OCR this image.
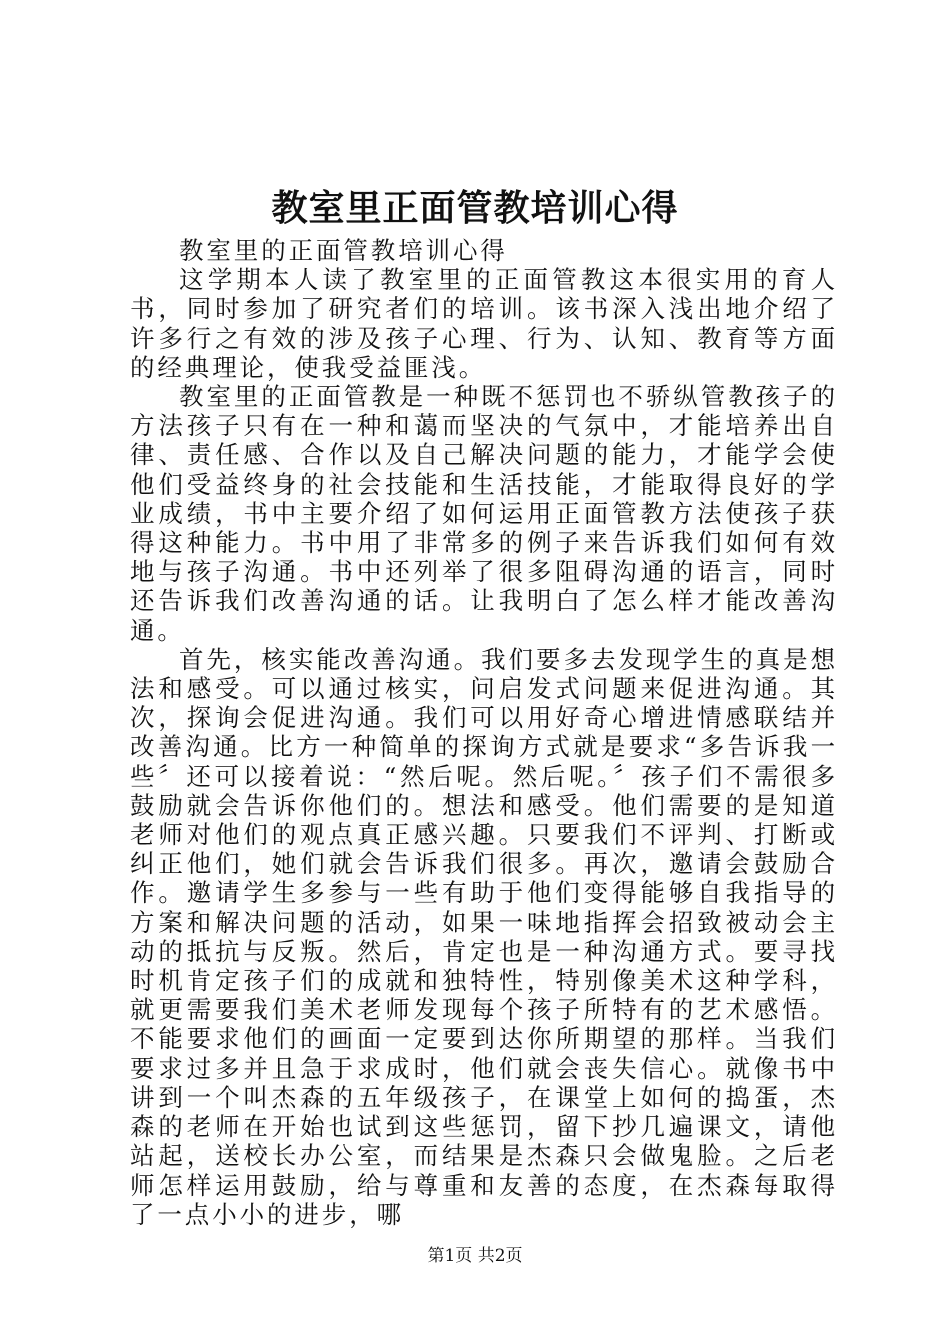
教室里正面管教培训心得

教室里的正面管教培训心得

这学期本人读了教室里的正面管教这本很实用的育人书，同时参加了研究者们的培训。该书深入浅出地介绍了许多行之有效的涉及孩子心理、行为、认知、教育等方面的经典理论，使我受益匪浅。

教室里的正面管教是一种既不惩罚也不骄纵管教孩子的方法孩子只有在一种和蔼而坚决的气氛中，才能培养出自律、责任感、合作以及自己解决问题的能力，才能学会使他们受益终身的社会技能和生活技能，才能取得良好的学业成绩，书中主要介绍了如何运用正面管教方法使孩子获得这种能力。书中用了非常多的例子来告诉我们如何有效地与孩子沟通。书中还列举了很多阻碍沟通的语言，同时还告诉我们改善沟通的话。让我明白了怎么样才能改善沟通。

首先，核实能改善沟通。我们要多去发现学生的真是想法和感受。可以通过核实，问启发式问题来促进沟通。其次，探询会促进沟通。我们可以用好奇心增进情感联结并改善沟通。比方一种简单的探询方式就是要求“多告诉我一些〞还可以接着说：“然后呢。然后呢。〞孩子们不需很多鼓励就会告诉你他们的。想法和感受。他们需要的是知道老师对他们的观点真正感兴趣。只要我们不评判、打断或纠正他们，她们就会告诉我们很多。再次，邀请会鼓励合作。邀请学生多参与一些有助于他们变得能够自我指导的方案和解决问题的活动，如果一味地指挥会招致被动会主动的抵抗与反叛。然后，肯定也是一种沟通方式。要寻找时机肯定孩子们的成就和独特性，特别像美术这种学科，就更需要我们美术老师发现每个孩子所特有的艺术感悟。不能要求他们的画面一定要到达你所期望的那样。当我们要求过多并且急于求成时，他们就会丧失信心。就像书中讲到一个叫杰森的五年级孩子，在课堂上如何的捣蛋，杰森的老师在开始也试到这些惩罚，留下抄几遍课文，请他站起，送校长办公室，而结果是杰森只会做鬼脸。之后老师怎样运用鼓励，给与尊重和友善的态度，在杰森每取得了一点小小的进步，哪

第1页 共2页
